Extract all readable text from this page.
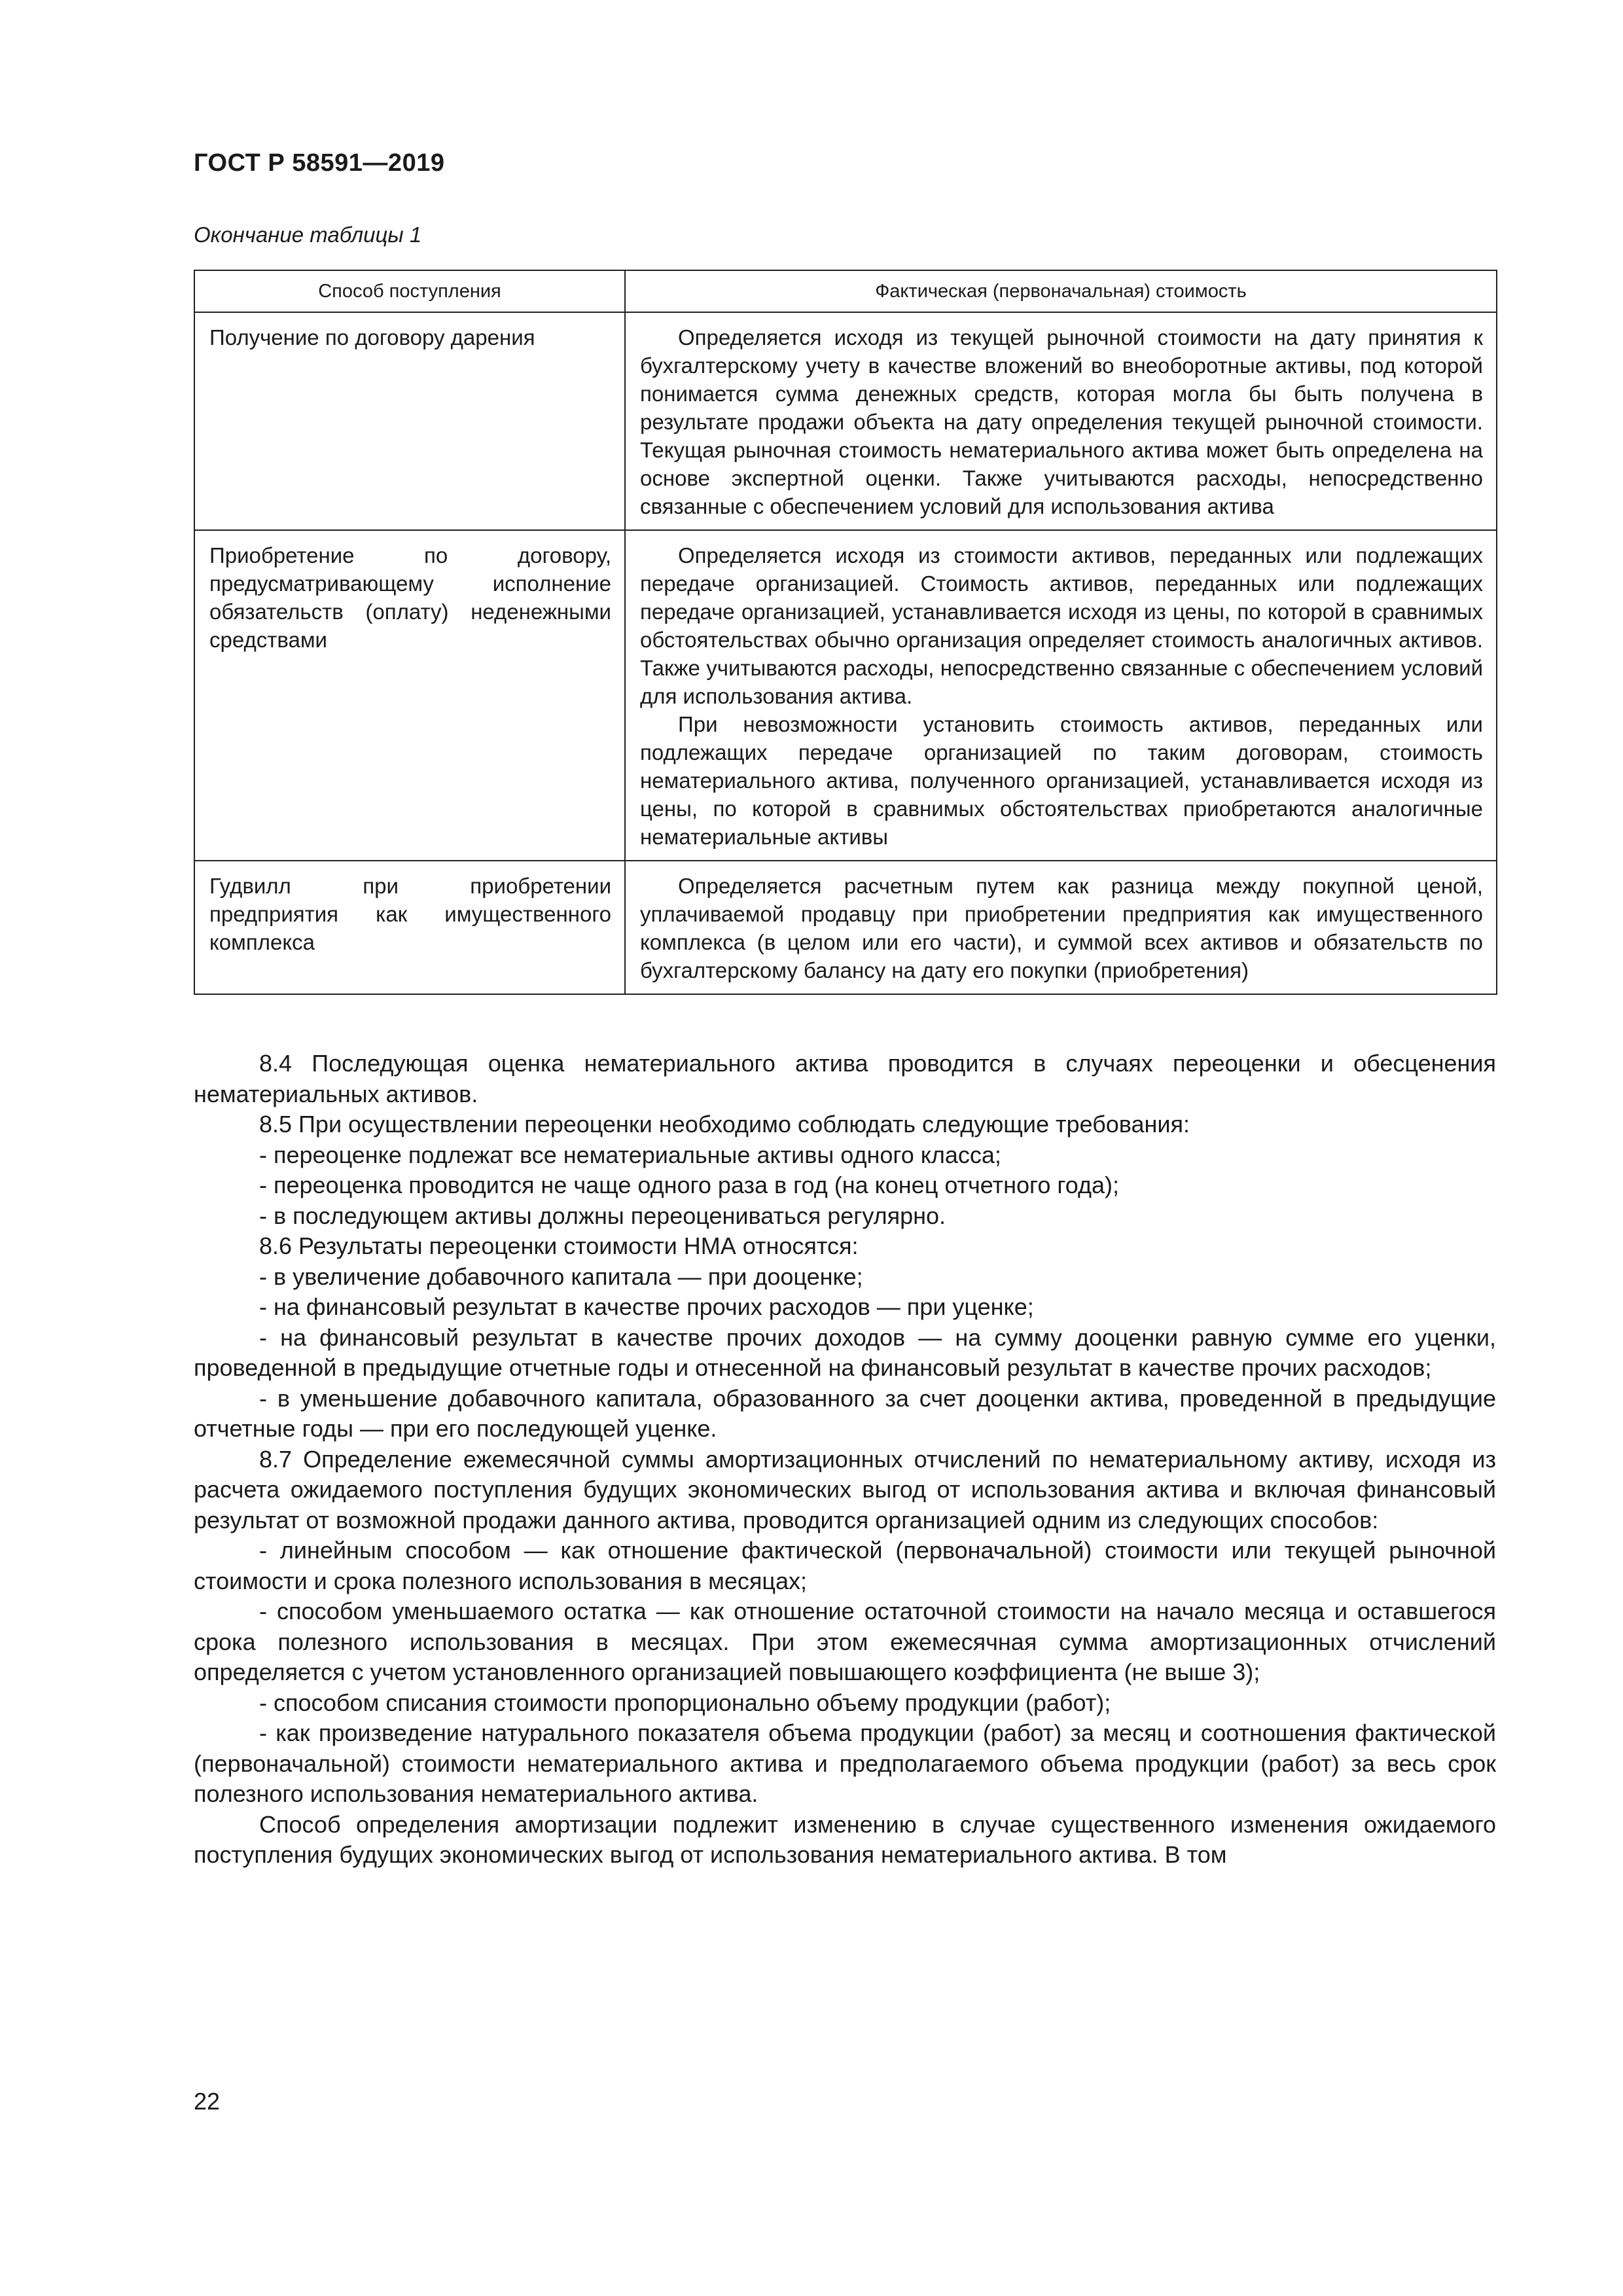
ГОСТ Р 58591—2019
Окончание таблицы 1
Способ поступления	Фактическая (первоначальная) стоимость

Получение по договору дарения	Определяется исходя из текущей рыночной стоимости на дату принятия к бухгалтерскому учету в качестве вложений во внеоборотные активы, под которой понимается сумма денежных средств, которая могла бы быть получена в результате продажи объекта на дату определения текущей рыночной стоимости. Текущая рыночная стоимость нематериального актива может быть определена на основе экспертной оценки. Также учитываются расходы, непосредственно связанные с обеспечением условий для использования актива

Приобретение по договору, предусматривающему исполнение обязательств (оплату) неденежными средствами	Определяется исходя из стоимости активов, переданных или подлежащих передаче организацией. Стоимость активов, переданных или подлежащих передаче организацией, устанавливается исходя из цены, по которой в сравнимых обстоятельствах обычно организация определяет стоимость аналогичных активов. Также учитываются расходы, непосредственно связанные с обеспечением условий для использования актива.

При невозможности установить стоимость активов, переданных или подлежащих передаче организацией по таким договорам, стоимость нематериального актива, полученного организацией, устанавливается исходя из цены, по которой в сравнимых обстоятельствах приобретаются аналогичные нематериальные активы

Гудвилл при приобретении предприятия как имущественного комплекса	Определяется расчетным путем как разница между покупной ценой, уплачиваемой продавцу при приобретении предприятия как имущественного комплекса (в целом или его части), и суммой всех активов и обязательств по бухгалтерскому балансу на дату его покупки (приобретения)

8.4 Последующая оценка нематериального актива проводится в случаях переоценки и обесценения нематериальных активов.

8.5 При осуществлении переоценки необходимо соблюдать следующие требования:

- переоценке подлежат все нематериальные активы одного класса;

- переоценка проводится не чаще одного раза в год (на конец отчетного года);

- в последующем активы должны переоцениваться регулярно.

8.6 Результаты переоценки стоимости НМА относятся:

- в увеличение добавочного капитала — при дооценке;

- на финансовый результат в качестве прочих расходов — при уценке;

- на финансовый результат в качестве прочих доходов — на сумму дооценки равную сумме его уценки, проведенной в предыдущие отчетные годы и отнесенной на финансовый результат в качестве прочих расходов;

- в уменьшение добавочного капитала, образованного за счет дооценки актива, проведенной в предыдущие отчетные годы — при его последующей уценке.

8.7 Определение ежемесячной суммы амортизационных отчислений по нематериальному активу, исходя из расчета ожидаемого поступления будущих экономических выгод от использования актива и включая финансовый результат от возможной продажи данного актива, проводится организацией одним из следующих способов:

- линейным способом — как отношение фактической (первоначальной) стоимости или текущей рыночной стоимости и срока полезного использования в месяцах;

- способом уменьшаемого остатка — как отношение остаточной стоимости на начало месяца и оставшегося срока полезного использования в месяцах. При этом ежемесячная сумма амортизационных отчислений определяется с учетом установленного организацией повышающего коэффициента (не выше 3);

- способом списания стоимости пропорционально объему продукции (работ);

- как произведение натурального показателя объема продукции (работ) за месяц и соотношения фактической (первоначальной) стоимости нематериального актива и предполагаемого объема продукции (работ) за весь срок полезного использования нематериального актива.

Способ определения амортизации подлежит изменению в случае существенного изменения ожидаемого поступления будущих экономических выгод от использования нематериального актива. В том

22
